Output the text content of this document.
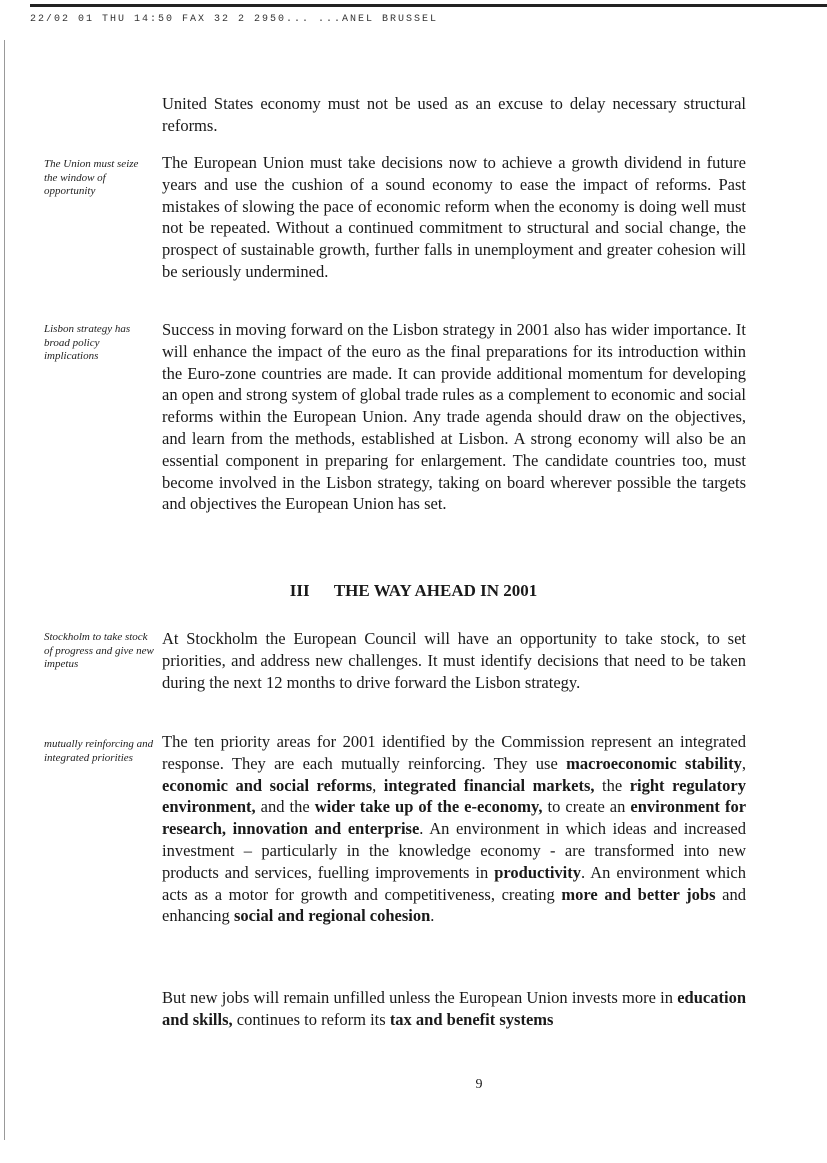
22/02 01 THU 14:50 FAX 32 2 2950... ...ANEL BRUSSEL
The Union must seize the window of opportunity
Lisbon strategy has broad policy implications
Stockholm to take stock of progress and give new impetus
mutually reinforcing and integrated priorities
United States economy must not be used as an excuse to delay necessary structural reforms.
The European Union must take decisions now to achieve a growth dividend in future years and use the cushion of a sound economy to ease the impact of reforms. Past mistakes of slowing the pace of economic reform when the economy is doing well must not be repeated. Without a continued commitment to structural and social change, the prospect of sustainable growth, further falls in unemployment and greater cohesion will be seriously undermined.
Success in moving forward on the Lisbon strategy in 2001 also has wider importance. It will enhance the impact of the euro as the final preparations for its introduction within the Euro-zone countries are made. It can provide additional momentum for developing an open and strong system of global trade rules as a complement to economic and social reforms within the European Union. Any trade agenda should draw on the objectives, and learn from the methods, established at Lisbon. A strong economy will also be an essential component in preparing for enlargement. The candidate countries too, must become involved in the Lisbon strategy, taking on board wherever possible the targets and objectives the European Union has set.
III THE WAY AHEAD IN 2001
At Stockholm the European Council will have an opportunity to take stock, to set priorities, and address new challenges. It must identify decisions that need to be taken during the next 12 months to drive forward the Lisbon strategy.
The ten priority areas for 2001 identified by the Commission represent an integrated response. They are each mutually reinforcing. They use macroeconomic stability, economic and social reforms, integrated financial markets, the right regulatory environment, and the wider take up of the e-economy, to create an environment for research, innovation and enterprise. An environment in which ideas and increased investment – particularly in the knowledge economy - are transformed into new products and services, fuelling improvements in productivity. An environment which acts as a motor for growth and competitiveness, creating more and better jobs and enhancing social and regional cohesion.
But new jobs will remain unfilled unless the European Union invests more in education and skills, continues to reform its tax and benefit systems
9
